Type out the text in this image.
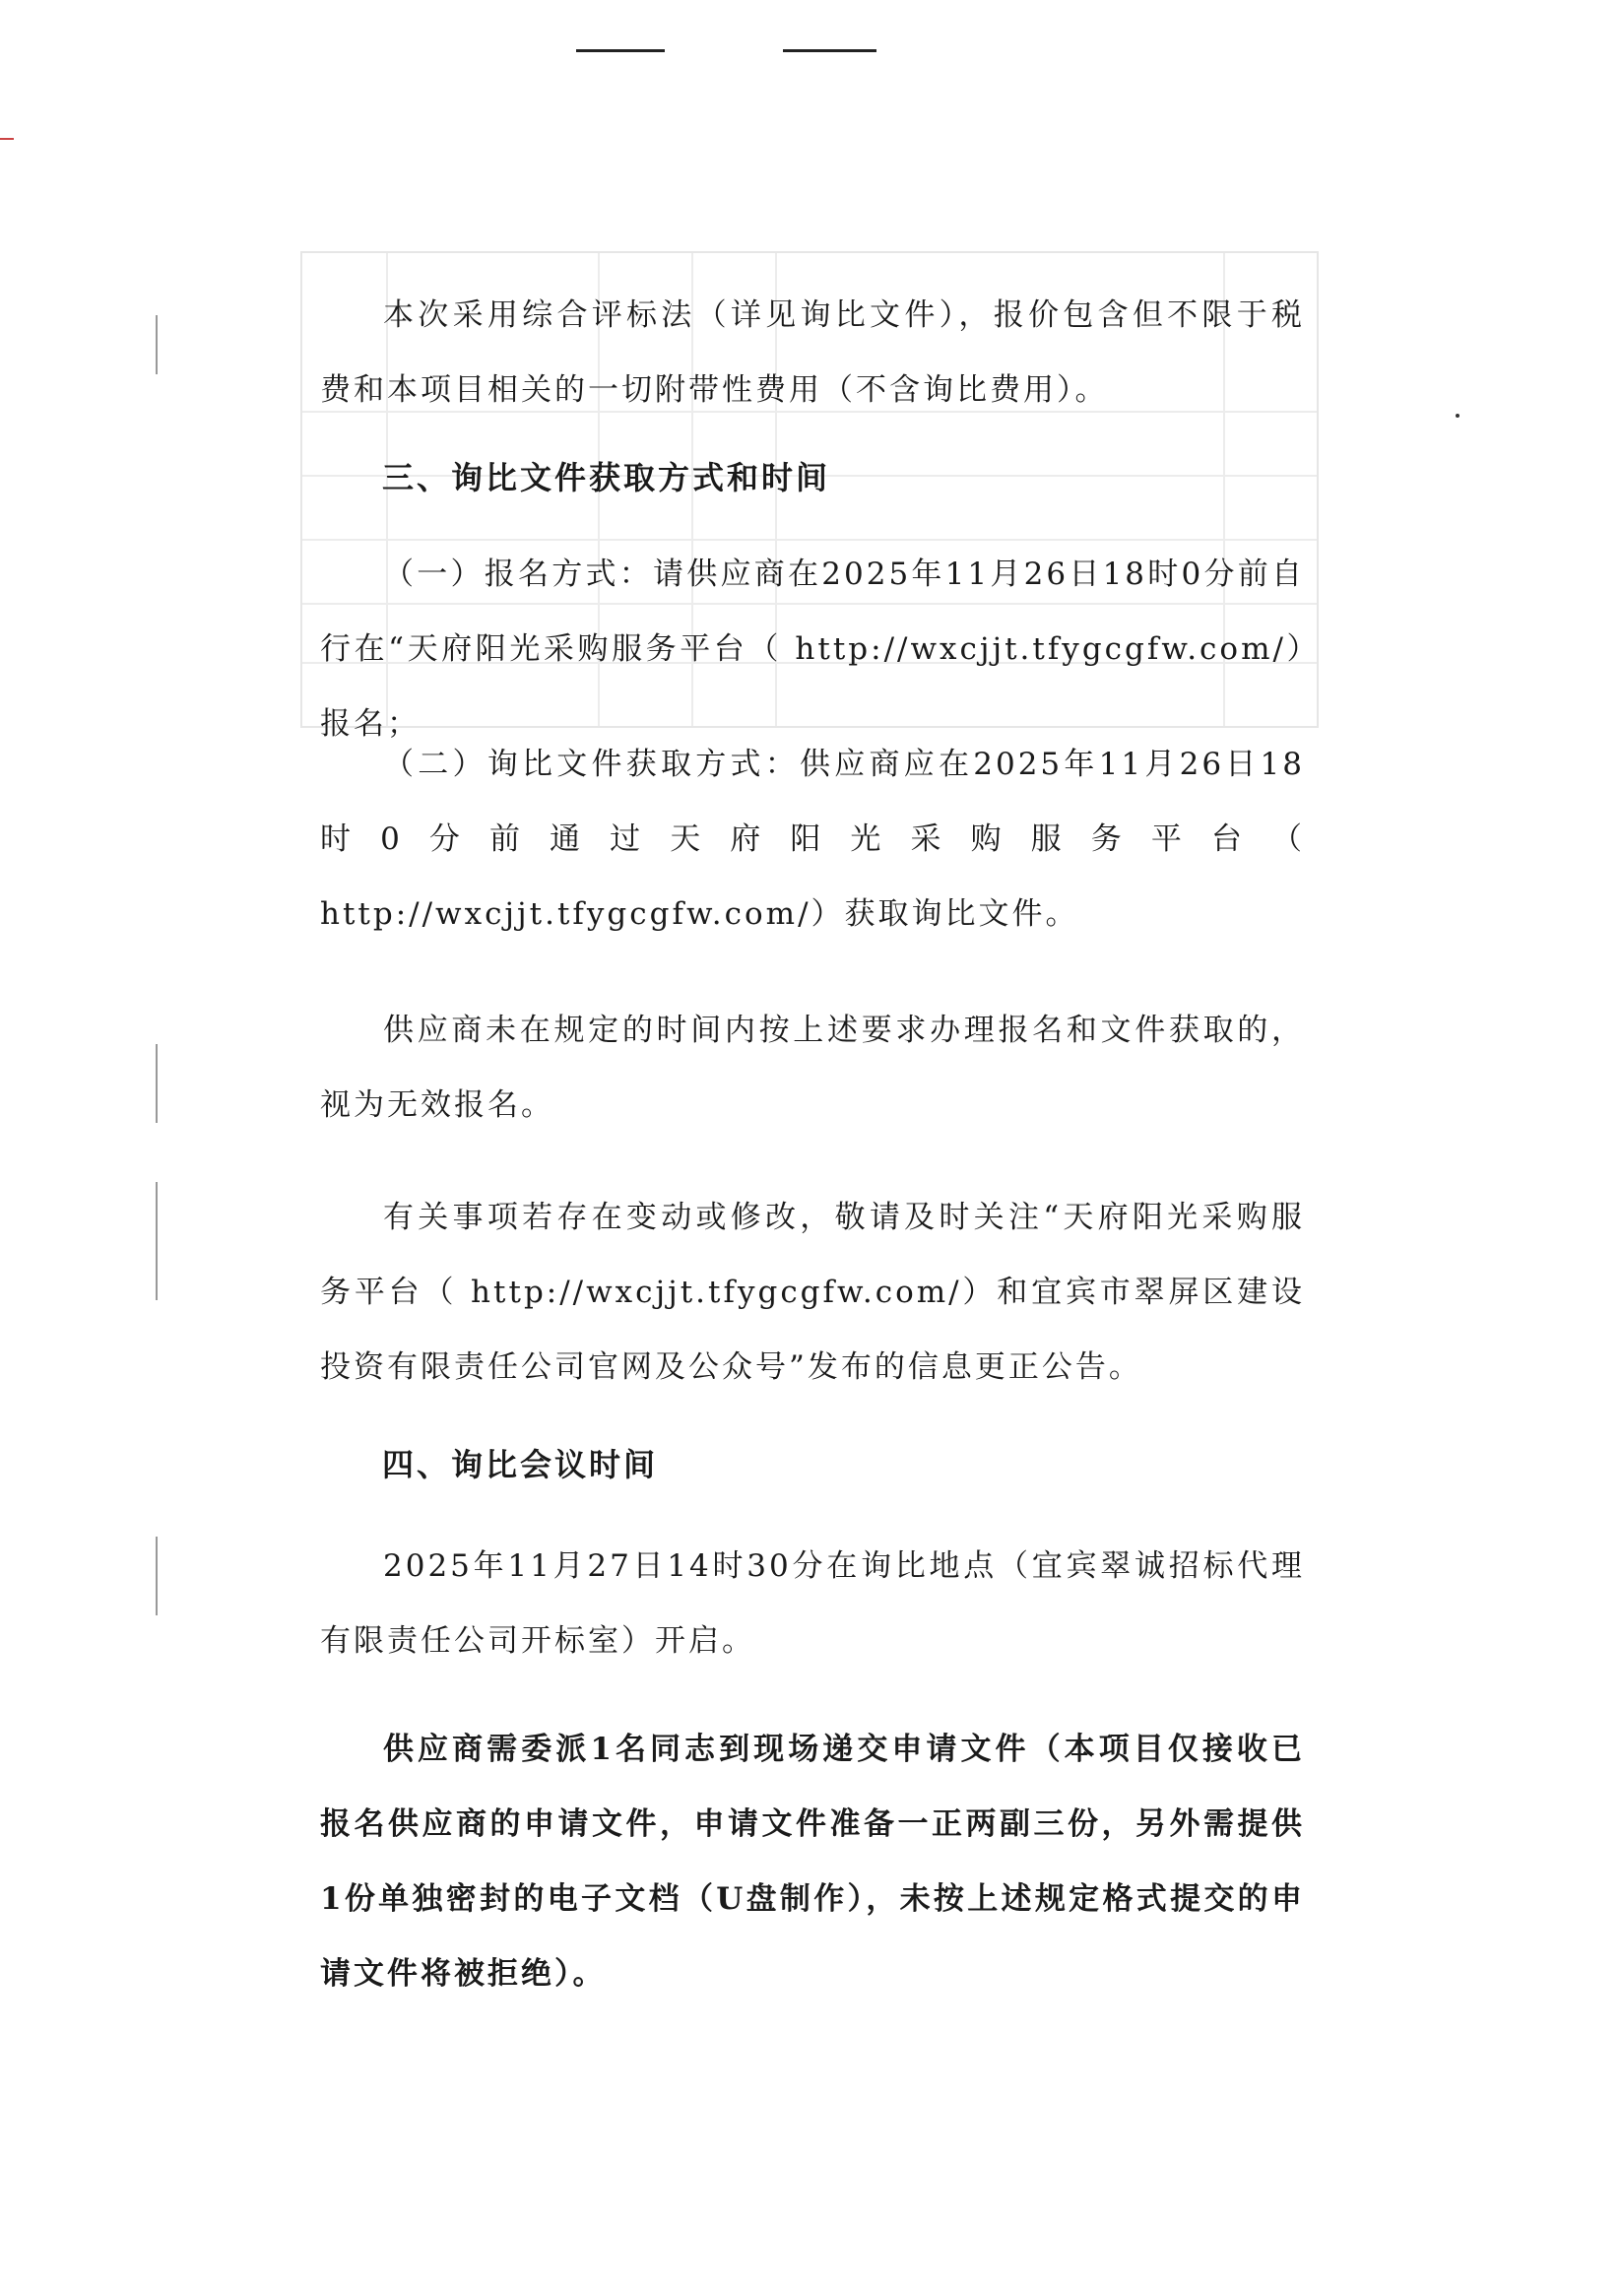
本次采用综合评标法（详见询比文件），报价包含但不限于税费和本项目相关的一切附带性费用（不含询比费用）。
三、询比文件获取方式和时间
（一）报名方式：请供应商在2025年11月26日18时0分前自行在“天府阳光采购服务平台（ http://wxcjjt.tfygcgfw.com/）报名；
（二）询比文件获取方式：供应商应在2025年11月26日18时0分前通过天府阳光采购服务平台（ http://wxcjjt.tfygcgfw.com/）获取询比文件。
供应商未在规定的时间内按上述要求办理报名和文件获取的，视为无效报名。
有关事项若存在变动或修改，敬请及时关注“天府阳光采购服务平台（ http://wxcjjt.tfygcgfw.com/）和宜宾市翠屏区建设投资有限责任公司官网及公众号”发布的信息更正公告。
四、询比会议时间
2025年11月27日14时30分在询比地点（宜宾翠诚招标代理有限责任公司开标室）开启。
供应商需委派1名同志到现场递交申请文件（本项目仅接收已报名供应商的申请文件，申请文件准备一正两副三份，另外需提供1份单独密封的电子文档（U盘制作），未按上述规定格式提交的申请文件将被拒绝）。
